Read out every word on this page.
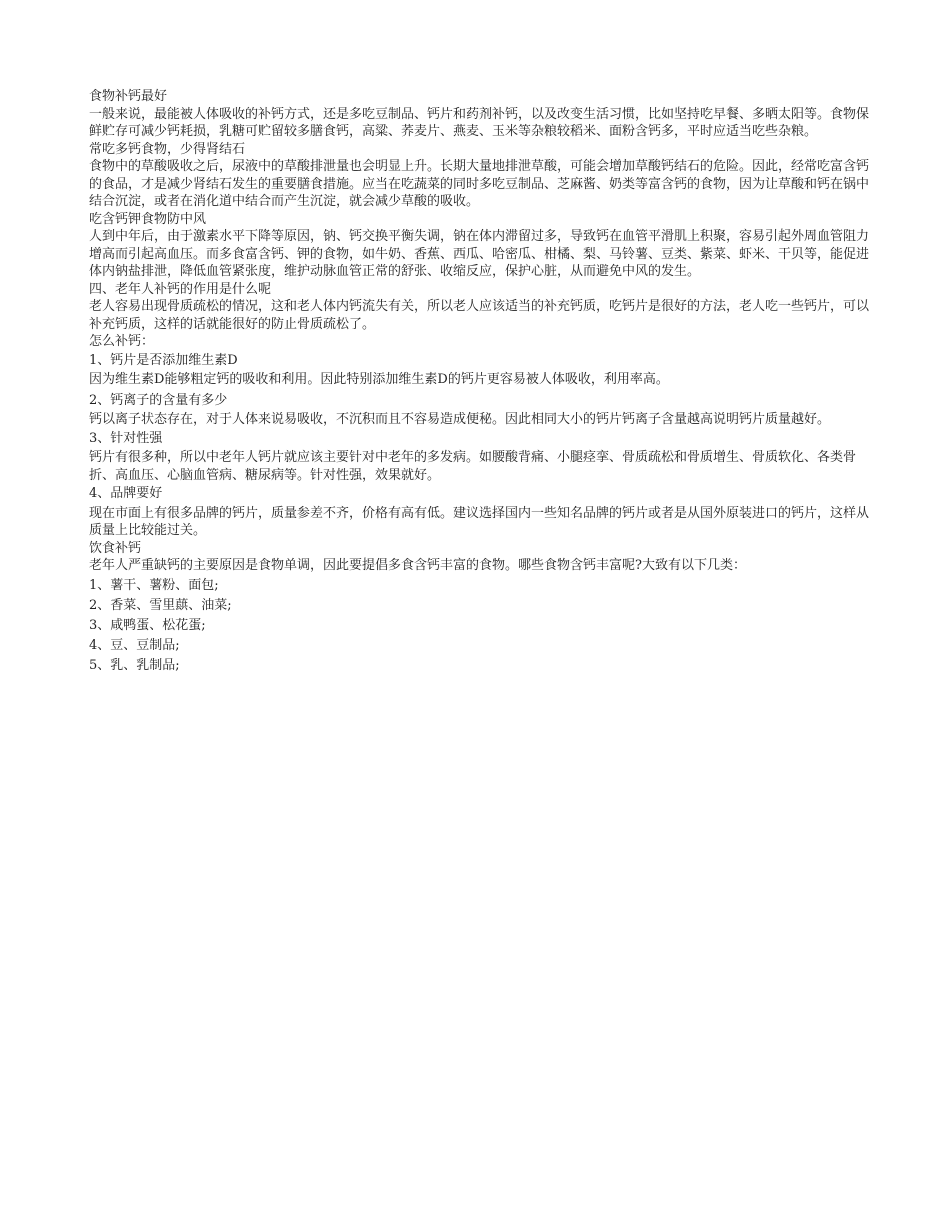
食物补钙最好

一般来说，最能被人体吸收的补钙方式，还是多吃豆制品、钙片和药剂补钙，以及改变生活习惯，比如坚持吃早餐、多晒太阳等。食物保鲜贮存可减少钙耗损，乳糖可贮留较多膳食钙，高粱、荞麦片、燕麦、玉米等杂粮较稻米、面粉含钙多，平时应适当吃些杂粮。

常吃多钙食物，少得肾结石

食物中的草酸吸收之后，尿液中的草酸排泄量也会明显上升。长期大量地排泄草酸，可能会增加草酸钙结石的危险。因此，经常吃富含钙的食品，才是减少肾结石发生的重要膳食措施。应当在吃蔬菜的同时多吃豆制品、芝麻酱、奶类等富含钙的食物，因为让草酸和钙在锅中结合沉淀，或者在消化道中结合而产生沉淀，就会减少草酸的吸收。

吃含钙钾食物防中风

人到中年后，由于激素水平下降等原因，钠、钙交换平衡失调，钠在体内滞留过多，导致钙在血管平滑肌上积聚，容易引起外周血管阻力增高而引起高血压。而多食富含钙、钾的食物，如牛奶、香蕉、西瓜、哈密瓜、柑橘、梨、马铃薯、豆类、紫菜、虾米、干贝等，能促进体内钠盐排泄，降低血管紧张度，维护动脉血管正常的舒张、收缩反应，保护心脏，从而避免中风的发生。

四、老年人补钙的作用是什么呢

老人容易出现骨质疏松的情况，这和老人体内钙流失有关，所以老人应该适当的补充钙质，吃钙片是很好的方法，老人吃一些钙片，可以补充钙质，这样的话就能很好的防止骨质疏松了。

怎么补钙：

1、钙片是否添加维生素D

因为维生素D能够粗定钙的吸收和利用。因此特别添加维生素D的钙片更容易被人体吸收，利用率高。

2、钙离子的含量有多少

钙以离子状态存在，对于人体来说易吸收，不沉积而且不容易造成便秘。因此相同大小的钙片钙离子含量越高说明钙片质量越好。

3、针对性强

钙片有很多种，所以中老年人钙片就应该主要针对中老年的多发病。如腰酸背痛、小腿痉挛、骨质疏松和骨质增生、骨质软化、各类骨折、高血压、心脑血管病、糖尿病等。针对性强，效果就好。

4、品牌要好

现在市面上有很多品牌的钙片，质量参差不齐，价格有高有低。建议选择国内一些知名品牌的钙片或者是从国外原装进口的钙片，这样从质量上比较能过关。

饮食补钙

老年人严重缺钙的主要原因是食物单调，因此要提倡多食含钙丰富的食物。哪些食物含钙丰富呢?大致有以下几类：

1、薯干、薯粉、面包;

2、香菜、雪里蕻、油菜;

3、咸鸭蛋、松花蛋;

4、豆、豆制品;

5、乳、乳制品;
